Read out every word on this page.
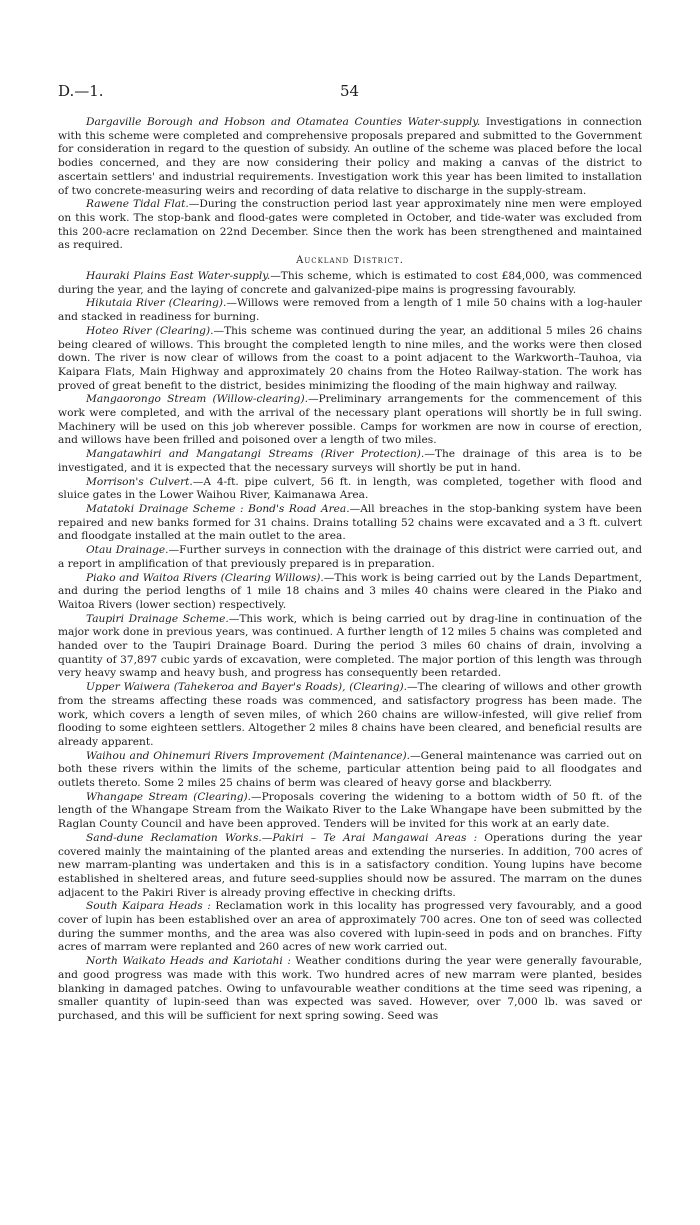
D.—1.	54

Dargaville Borough and Hobson and Otamatea Counties Water-supply. Investigations in connection with this scheme were completed and comprehensive proposals prepared and submitted to the Government for consideration in regard to the question of subsidy. An outline of the scheme was placed before the local bodies concerned, and they are now considering their policy and making a canvas of the district to ascertain settlers' and industrial requirements. Investigation work this year has been limited to installation of two concrete-measuring weirs and recording of data relative to discharge in the supply-stream.

Rawene Tidal Flat.—During the construction period last year approximately nine men were employed on this work. The stop-bank and flood-gates were completed in October, and tide-water was excluded from this 200-acre reclamation on 22nd December. Since then the work has been strengthened and maintained as required.

Auckland District.

Hauraki Plains East Water-supply.—This scheme, which is estimated to cost £84,000, was commenced during the year, and the laying of concrete and galvanized-pipe mains is progressing favourably.

Hikutaia River (Clearing).—Willows were removed from a length of 1 mile 50 chains with a log-hauler and stacked in readiness for burning.

Hoteo River (Clearing).—This scheme was continued during the year, an additional 5 miles 26 chains being cleared of willows. This brought the completed length to nine miles, and the works were then closed down. The river is now clear of willows from the coast to a point adjacent to the Warkworth–Tauhoa, via Kaipara Flats, Main Highway and approximately 20 chains from the Hoteo Railway-station. The work has proved of great benefit to the district, besides minimizing the flooding of the main highway and railway.

Mangaorongo Stream (Willow-clearing).—Preliminary arrangements for the commencement of this work were completed, and with the arrival of the necessary plant operations will shortly be in full swing. Machinery will be used on this job wherever possible. Camps for workmen are now in course of erection, and willows have been frilled and poisoned over a length of two miles.

Mangatawhiri and Mangatangi Streams (River Protection).—The drainage of this area is to be investigated, and it is expected that the necessary surveys will shortly be put in hand.

Morrison's Culvert.—A 4-ft. pipe culvert, 56 ft. in length, was completed, together with flood and sluice gates in the Lower Waihou River, Kaimanawa Area.

Matatoki Drainage Scheme : Bond's Road Area.—All breaches in the stop-banking system have been repaired and new banks formed for 31 chains. Drains totalling 52 chains were excavated and a 3 ft. culvert and floodgate installed at the main outlet to the area.

Otau Drainage.—Further surveys in connection with the drainage of this district were carried out, and a report in amplification of that previously prepared is in preparation.

Piako and Waitoa Rivers (Clearing Willows).—This work is being carried out by the Lands Department, and during the period lengths of 1 mile 18 chains and 3 miles 40 chains were cleared in the Piako and Waitoa Rivers (lower section) respectively.

Taupiri Drainage Scheme.—This work, which is being carried out by drag-line in continuation of the major work done in previous years, was continued. A further length of 12 miles 5 chains was completed and handed over to the Taupiri Drainage Board. During the period 3 miles 60 chains of drain, involving a quantity of 37,897 cubic yards of excavation, were completed. The major portion of this length was through very heavy swamp and heavy bush, and progress has consequently been retarded.

Upper Waiwera (Tahekeroa and Bayer's Roads), (Clearing).—The clearing of willows and other growth from the streams affecting these roads was commenced, and satisfactory progress has been made. The work, which covers a length of seven miles, of which 260 chains are willow-infested, will give relief from flooding to some eighteen settlers. Altogether 2 miles 8 chains have been cleared, and beneficial results are already apparent.

Waihou and Ohinemuri Rivers Improvement (Maintenance).—General maintenance was carried out on both these rivers within the limits of the scheme, particular attention being paid to all floodgates and outlets thereto. Some 2 miles 25 chains of berm was cleared of heavy gorse and blackberry.

Whangape Stream (Clearing).—Proposals covering the widening to a bottom width of 50 ft. of the length of the Whangape Stream from the Waikato River to the Lake Whangape have been submitted by the Raglan County Council and have been approved. Tenders will be invited for this work at an early date.

Sand-dune Reclamation Works.—Pakiri – Te Arai Mangawai Areas : Operations during the year covered mainly the maintaining of the planted areas and extending the nurseries. In addition, 700 acres of new marram-planting was undertaken and this is in a satisfactory condition. Young lupins have become established in sheltered areas, and future seed-supplies should now be assured. The marram on the dunes adjacent to the Pakiri River is already proving effective in checking drifts.

South Kaipara Heads : Reclamation work in this locality has progressed very favourably, and a good cover of lupin has been established over an area of approximately 700 acres. One ton of seed was collected during the summer months, and the area was also covered with lupin-seed in pods and on branches. Fifty acres of marram were replanted and 260 acres of new work carried out.

North Waikato Heads and Kariotahi : Weather conditions during the year were generally favourable, and good progress was made with this work. Two hundred acres of new marram were planted, besides blanking in damaged patches. Owing to unfavourable weather conditions at the time seed was ripening, a smaller quantity of lupin-seed than was expected was saved. However, over 7,000 lb. was saved or purchased, and this will be sufficient for next spring sowing. Seed was
